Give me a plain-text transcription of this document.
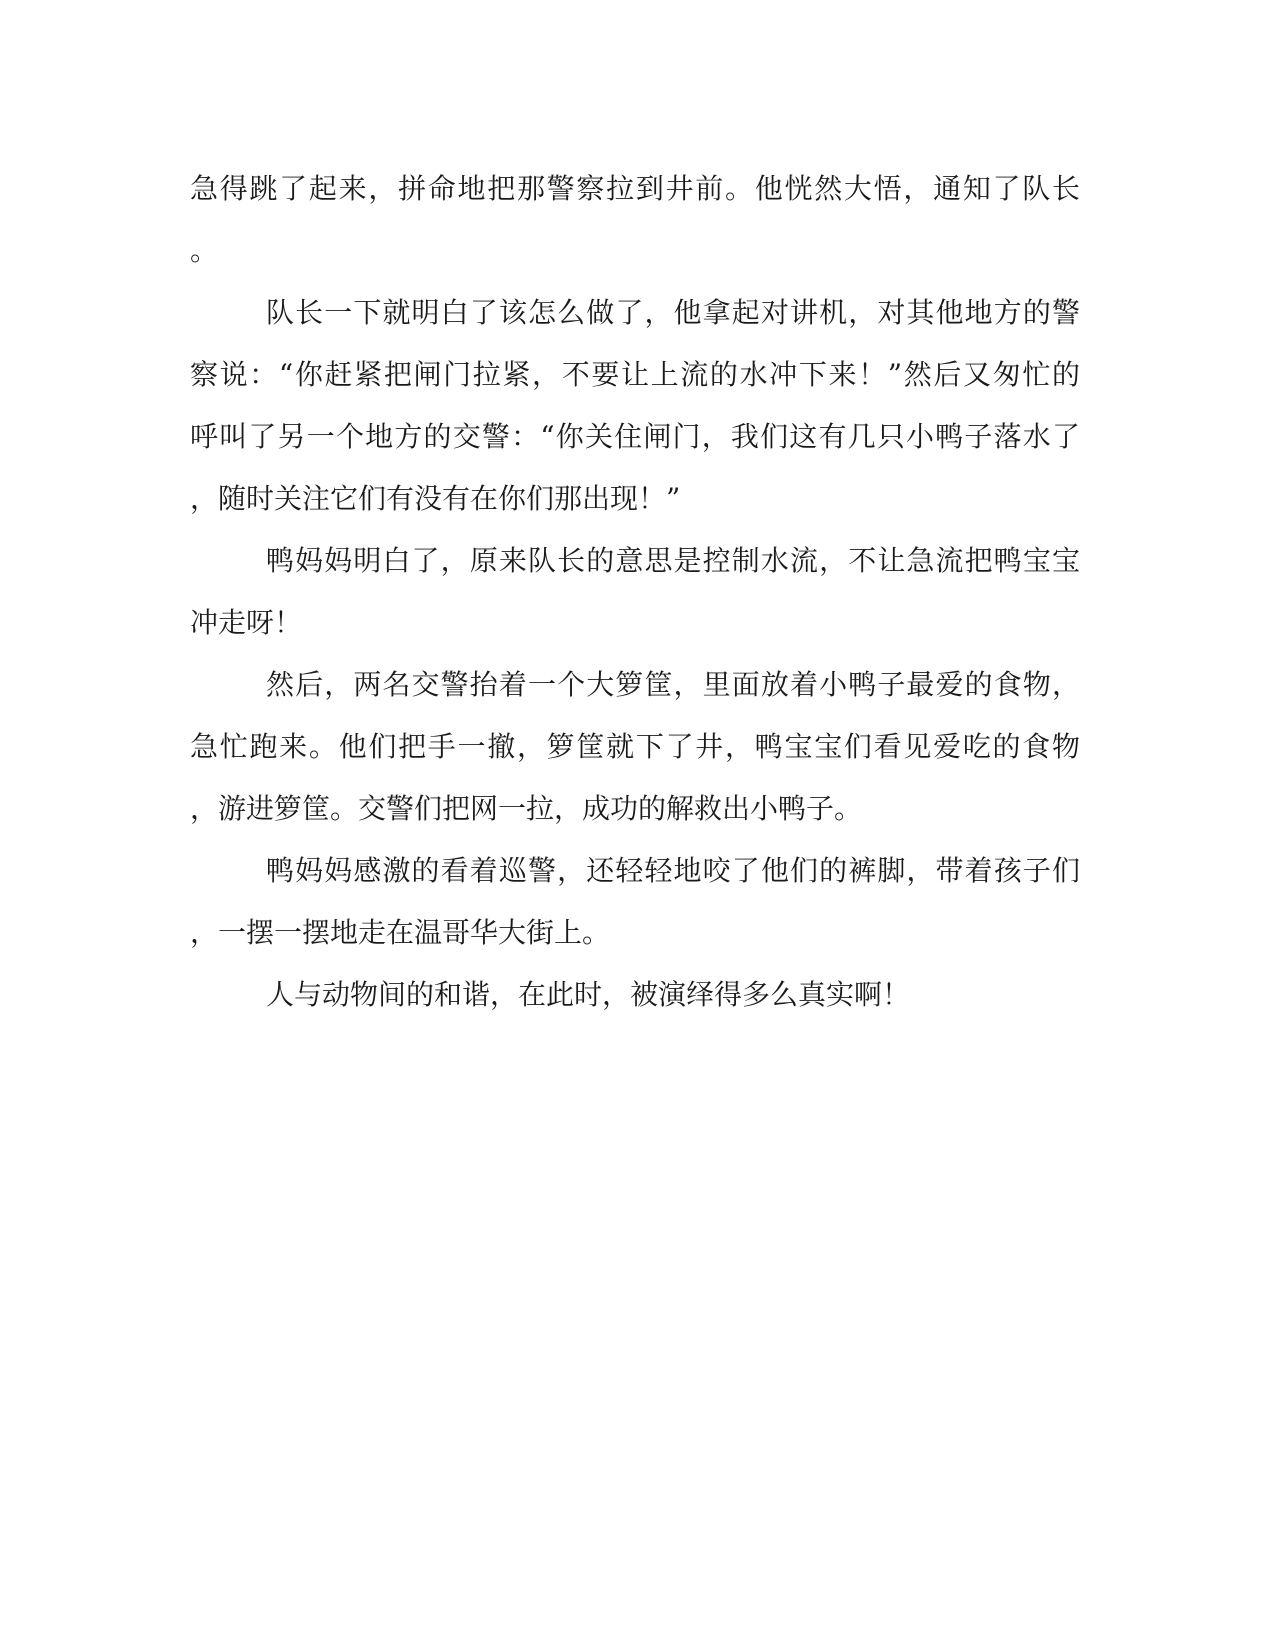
急得跳了起来，拼命地把那警察拉到井前。他恍然大悟，通知了队长
。
队长一下就明白了该怎么做了，他拿起对讲机，对其他地方的警
察说：“你赶紧把闸门拉紧，不要让上流的水冲下来！”然后又匆忙的
呼叫了另一个地方的交警：“你关住闸门，我们这有几只小鸭子落水了
，随时关注它们有没有在你们那出现！”
鸭妈妈明白了，原来队长的意思是控制水流，不让急流把鸭宝宝
冲走呀！
然后，两名交警抬着一个大箩筐，里面放着小鸭子最爱的食物，
急忙跑来。他们把手一撤，箩筐就下了井，鸭宝宝们看见爱吃的食物
，游进箩筐。交警们把网一拉，成功的解救出小鸭子。
鸭妈妈感激的看着巡警，还轻轻地咬了他们的裤脚，带着孩子们
，一摆一摆地走在温哥华大街上。
人与动物间的和谐，在此时，被演绎得多么真实啊！
